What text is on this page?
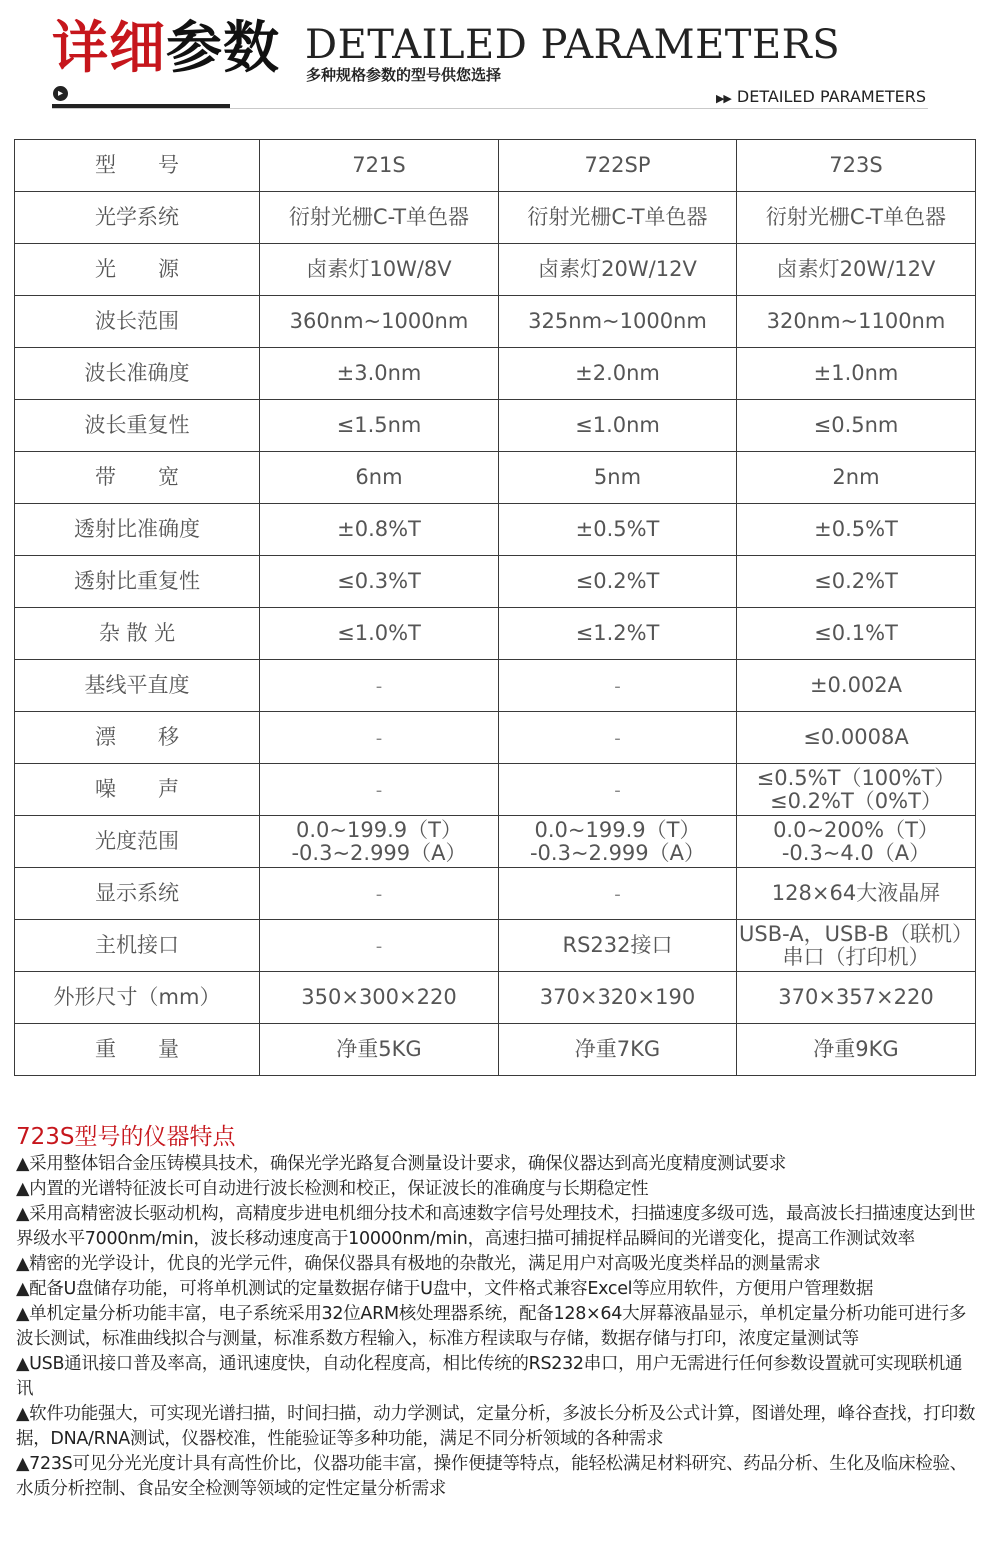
详细参数 DETAILED PARAMETERS
多种规格参数的型号供您选择
▸	▶▶ DETAILED PARAMETERS
型　　号	721S	722SP	723S
光学系统	衍射光栅C-T单色器	衍射光栅C-T单色器	衍射光栅C-T单色器
光　　源	卤素灯10W/8V	卤素灯20W/12V	卤素灯20W/12V
波长范围	360nm~1000nm	325nm~1000nm	320nm~1100nm
波长准确度	±3.0nm	±2.0nm	±1.0nm
波长重复性	≤1.5nm	≤1.0nm	≤0.5nm
带　　宽	6nm	5nm	2nm
透射比准确度	±0.8%T	±0.5%T	±0.5%T
透射比重复性	≤0.3%T	≤0.2%T	≤0.2%T
杂 散 光	≤1.0%T	≤1.2%T	≤0.1%T
基线平直度	-	-	±0.002A
漂　　移	-	-	≤0.0008A
噪　　声	-	-	≤0.5%T（100%T）
≤0.2%T（0%T）

光度范围	0.0~199.9（T）
-0.3~2.999（A）	0.0~199.9（T）
-0.3~2.999（A）	0.0~200%（T）
-0.3~4.0（A）

显示系统	-	-	128×64大液晶屏
主机接口	-	RS232接口	USB-A，USB-B（联机）
串口（打印机）

外形尺寸（mm）	350×300×220	370×320×190	370×357×220
重　　量	净重5KG	净重7KG	净重9KG
723S型号的仪器特点
▲采用整体铝合金压铸模具技术，确保光学光路复合测量设计要求，确保仪器达到高光度精度测试要求
▲内置的光谱特征波长可自动进行波长检测和校正，保证波长的准确度与长期稳定性
▲采用高精密波长驱动机构，高精度步进电机细分技术和高速数字信号处理技术，扫描速度多级可选，最高波长扫描速度达到世界级水平7000nm/min，波长移动速度高于10000nm/min，高速扫描可捕捉样品瞬间的光谱变化，提高工作测试效率
▲精密的光学设计，优良的光学元件，确保仪器具有极地的杂散光，满足用户对高吸光度类样品的测量需求
▲配备U盘储存功能，可将单机测试的定量数据存储于U盘中，文件格式兼容Excel等应用软件，方便用户管理数据
▲单机定量分析功能丰富，电子系统采用32位ARM核处理器系统，配备128×64大屏幕液晶显示，单机定量分析功能可进行多波长测试，标准曲线拟合与测量，标准系数方程输入，标准方程读取与存储，数据存储与打印，浓度定量测试等
▲USB通讯接口普及率高，通讯速度快，自动化程度高，相比传统的RS232串口，用户无需进行任何参数设置就可实现联机通讯
▲软件功能强大，可实现光谱扫描，时间扫描，动力学测试，定量分析，多波长分析及公式计算，图谱处理，峰谷查找，打印数据，DNA/RNA测试，仪器校准，性能验证等多种功能，满足不同分析领域的各种需求
▲723S可见分光光度计具有高性价比，仪器功能丰富，操作便捷等特点，能轻松满足材料研究、药品分析、生化及临床检验、水质分析控制、食品安全检测等领域的定性定量分析需求
